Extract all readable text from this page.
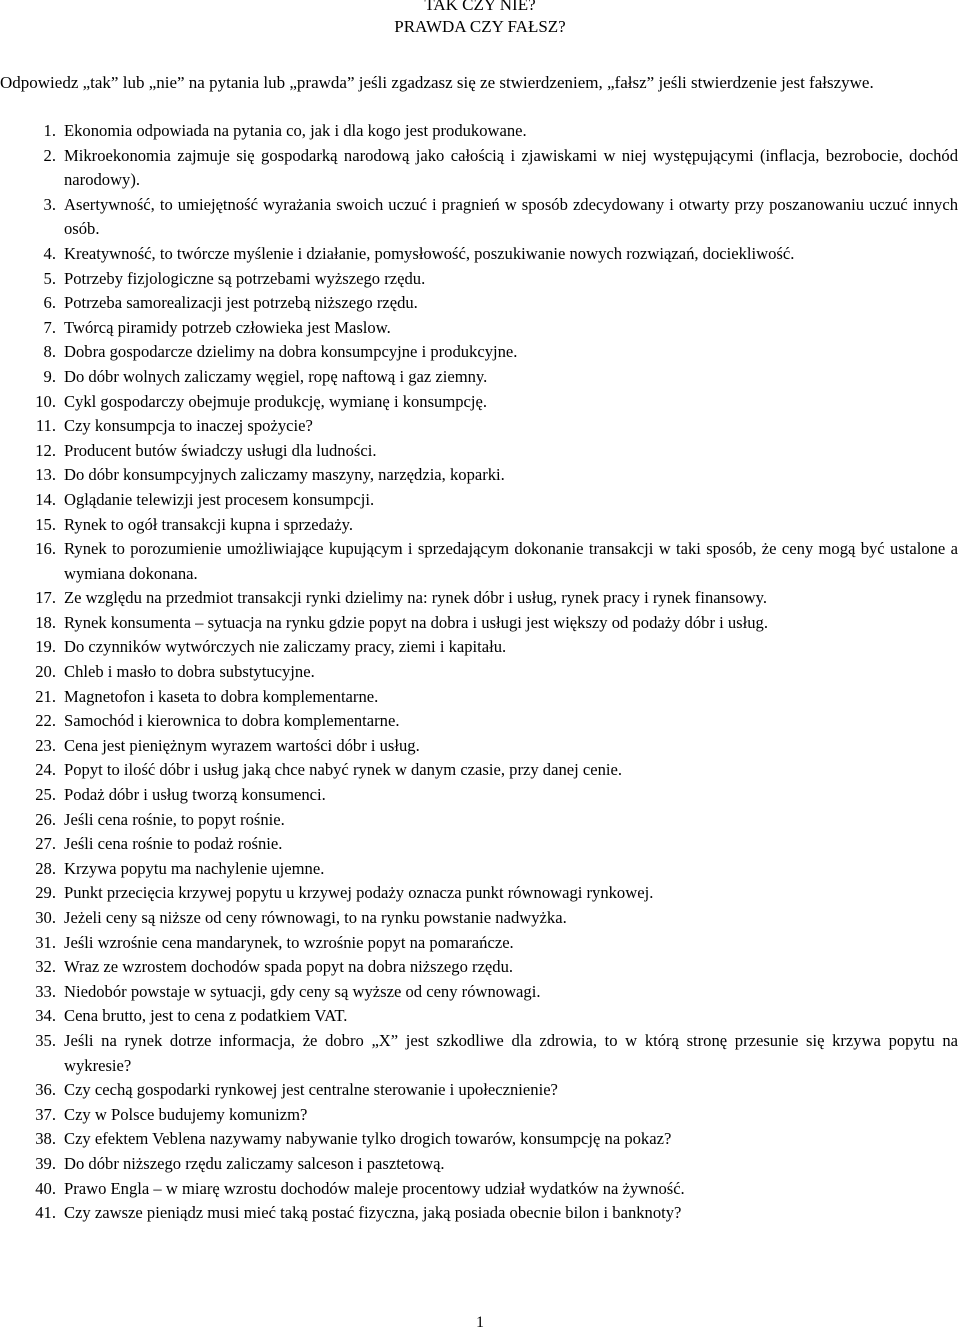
TAK CZY NIE?

PRAWDA CZY FAŁSZ?

Odpowiedz „tak” lub „nie” na pytania lub „prawda” jeśli zgadzasz się ze stwierdzeniem, „fałsz” jeśli stwierdzenie jest fałszywe.

1. Ekonomia odpowiada na pytania co, jak i dla kogo jest produkowane.
2. Mikroekonomia zajmuje się gospodarką narodową jako całością i zjawiskami w niej występującymi (inflacja, bezrobocie, dochód narodowy).
3. Asertywność, to umiejętność wyrażania swoich uczuć i pragnień w sposób zdecydowany i otwarty przy poszanowaniu uczuć innych osób.
4. Kreatywność, to twórcze myślenie i działanie, pomysłowość, poszukiwanie nowych rozwiązań, dociekliwość.
5. Potrzeby fizjologiczne są potrzebami wyższego rzędu.
6. Potrzeba samorealizacji jest potrzebą niższego rzędu.
7. Twórcą piramidy potrzeb człowieka jest Maslow.
8. Dobra gospodarcze dzielimy na dobra konsumpcyjne i produkcyjne.
9. Do dóbr wolnych zaliczamy węgiel, ropę naftową i gaz ziemny.
10. Cykl gospodarczy obejmuje produkcję, wymianę i konsumpcję.
11. Czy konsumpcja to inaczej spożycie?
12. Producent butów świadczy usługi dla ludności.
13. Do dóbr konsumpcyjnych zaliczamy maszyny, narzędzia, koparki.
14. Oglądanie telewizji jest procesem konsumpcji.
15. Rynek to ogół transakcji kupna i sprzedaży.
16. Rynek to porozumienie umożliwiające kupującym i sprzedającym dokonanie transakcji w taki sposób, że ceny mogą być ustalone a wymiana dokonana.
17. Ze względu na przedmiot transakcji rynki dzielimy na: rynek dóbr i usług, rynek pracy i rynek finansowy.
18. Rynek konsumenta – sytuacja na rynku gdzie popyt na dobra i usługi jest większy od podaży dóbr i usług.
19. Do czynników wytwórczych nie zaliczamy pracy, ziemi i kapitału.
20. Chleb i masło to dobra substytucyjne.
21. Magnetofon i kaseta to dobra komplementarne.
22. Samochód i kierownica to dobra komplementarne.
23. Cena jest pieniężnym wyrazem wartości dóbr i usług.
24. Popyt to ilość dóbr i usług jaką chce nabyć rynek w danym czasie, przy danej cenie.
25. Podaż dóbr i usług tworzą konsumenci.
26. Jeśli cena rośnie, to popyt rośnie.
27. Jeśli cena rośnie to podaż rośnie.
28. Krzywa popytu ma nachylenie ujemne.
29. Punkt przecięcia krzywej popytu u krzywej podaży oznacza punkt równowagi rynkowej.
30. Jeżeli ceny są niższe od ceny równowagi, to na rynku powstanie nadwyżka.
31. Jeśli wzrośnie cena mandarynek, to wzrośnie popyt na pomarańcze.
32. Wraz ze wzrostem dochodów spada popyt na dobra niższego rzędu.
33. Niedobór powstaje w sytuacji, gdy ceny są wyższe od ceny równowagi.
34. Cena brutto, jest to cena z podatkiem VAT.
35. Jeśli na rynek dotrze informacja, że dobro „X” jest szkodliwe dla zdrowia, to w którą stronę przesunie się krzywa popytu na wykresie?
36. Czy cechą gospodarki rynkowej jest centralne sterowanie i upołecznienie?
37. Czy w Polsce budujemy komunizm?
38. Czy efektem Veblena nazywamy nabywanie tylko drogich towarów, konsumpcję na pokaz?
39. Do dóbr niższego rzędu zaliczamy salceson i pasztetową.
40. Prawo Engla – w miarę wzrostu dochodów maleje procentowy udział wydatków na żywność.
41. Czy zawsze pieniądz musi mieć taką postać fizyczna, jaką posiada obecnie bilon i banknoty?

1
